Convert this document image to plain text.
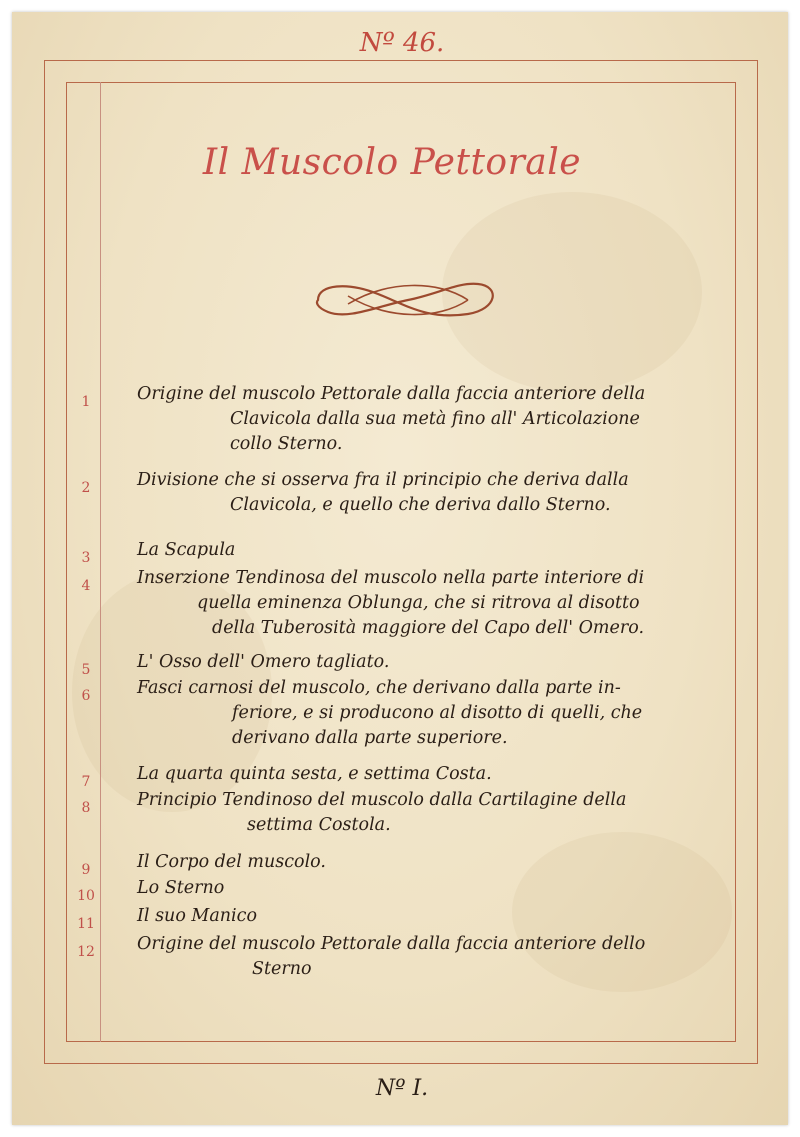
Nº 46.
Il Muscolo Pettorale
1	Origine del muscolo Pettorale dalla faccia anteriore della
Clavicola dalla sua metà fino all' Articolazione
collo Sterno.
2	Divisione che si osserva fra il principio che deriva dalla
Clavicola, e quello che deriva dallo Sterno.
3	La Scapula
4	Inserzione Tendinosa del muscolo nella parte interiore di
quella eminenza Oblunga, che si ritrova al disotto
della Tuberosità maggiore del Capo dell' Omero.
5	L' Osso dell' Omero tagliato.
6	Fasci carnosi del muscolo, che derivano dalla parte in-
feriore, e si producono al disotto di quelli, che
derivano dalla parte superiore.
7	La quarta quinta sesta, e settima Costa.
8	Principio Tendinoso del muscolo dalla Cartilagine della
settima Costola.
9	Il Corpo del muscolo.
10 Lo Sterno
11 Il suo Manico
12 Origine del muscolo Pettorale dalla faccia anteriore dello
Sterno
Nº I.
